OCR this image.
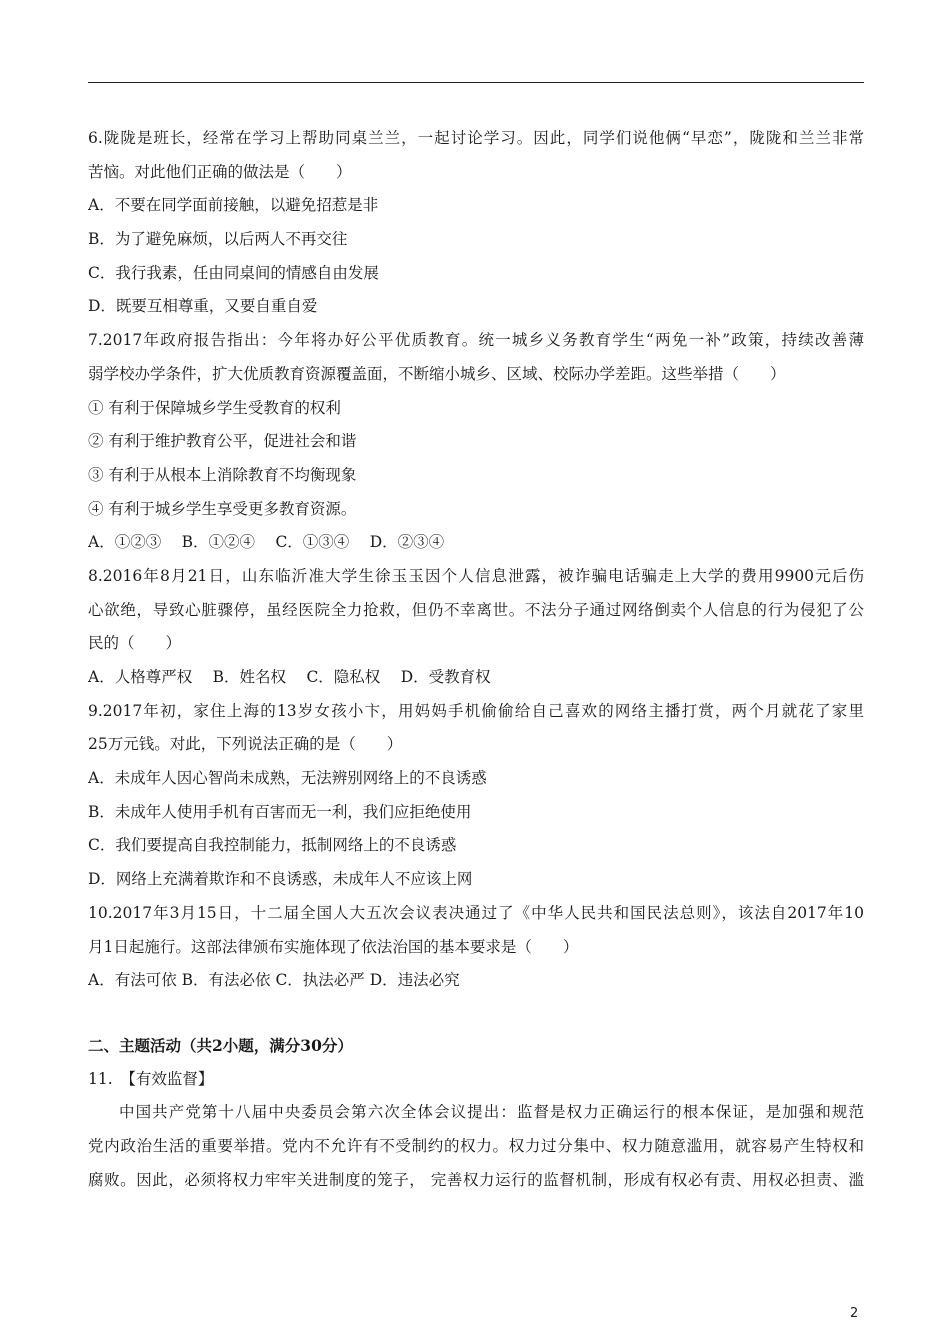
6.陇陇是班长，经常在学习上帮助同桌兰兰，一起讨论学习。因此，同学们说他俩“早恋”，陇陇和兰兰非常
苦恼。对此他们正确的做法是（　　）
A．不要在同学面前接触，以避免招惹是非
B．为了避免麻烦，以后两人不再交往
C．我行我素，任由同桌间的情感自由发展
D．既要互相尊重，又要自重自爱
7.2017年政府报告指出：今年将办好公平优质教育。统一城乡义务教育学生“两免一补”政策，持续改善薄
弱学校办学条件，扩大优质教育资源覆盖面，不断缩小城乡、区域、校际办学差距。这些举措（　　）
① 有利于保障城乡学生受教育的权利
② 有利于维护教育公平，促进社会和谐
③ 有利于从根本上消除教育不均衡现象
④ 有利于城乡学生享受更多教育资源。
A．①②③　 B．①②④　 C．①③④　 D．②③④
8.2016年8月21日，山东临沂准大学生徐玉玉因个人信息泄露，被诈骗电话骗走上大学的费用9900元后伤
心欲绝，导致心脏骤停，虽经医院全力抢救，但仍不幸离世。不法分子通过网络倒卖个人信息的行为侵犯了公
民的（　　）
A．人格尊严权　 B．姓名权　 C．隐私权　 D．受教育权
9.2017年初，家住上海的13岁女孩小卞，用妈妈手机偷偷给自己喜欢的网络主播打赏，两个月就花了家里
25万元钱。对此，下列说法正确的是（　　）
A．未成年人因心智尚未成熟，无法辨别网络上的不良诱惑
B．未成年人使用手机有百害而无一利，我们应拒绝使用
C．我们要提高自我控制能力，抵制网络上的不良诱惑
D．网络上充满着欺诈和不良诱惑，未成年人不应该上网
10.2017年3月15日，十二届全国人大五次会议表决通过了《中华人民共和国民法总则》，该法自2017年10
月1日起施行。这部法律颁布实施体现了依法治国的基本要求是（　　）
A．有法可依 B．有法必依 C．执法必严 D．违法必究
二、主题活动（共2小题，满分30分）
11.　【有效监督】
中国共产党第十八届中央委员会第六次全体会议提出：监督是权力正确运行的根本保证，是加强和规范
党内政治生活的重要举措。党内不允许有不受制约的权力。权力过分集中、权力随意滥用，就容易产生特权和
腐败。因此，必须将权力牢牢关进制度的笼子， 完善权力运行的监督机制，形成有权必有责、用权必担责、滥
2
